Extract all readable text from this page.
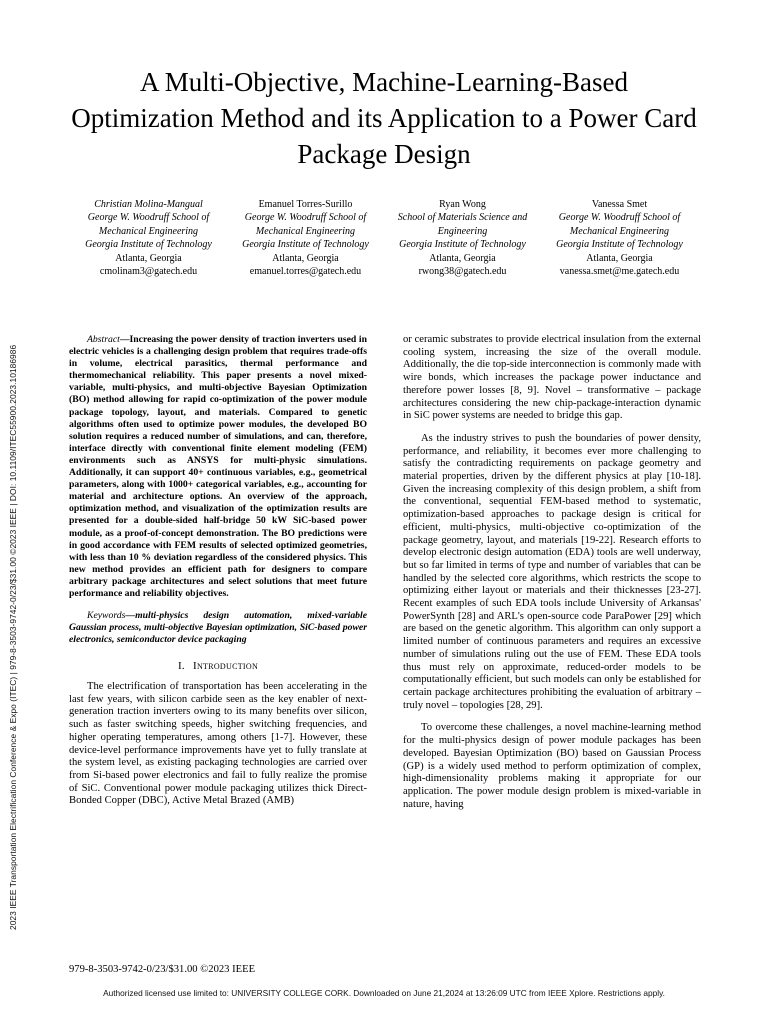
2023 IEEE Transportation Electrification Conference & Expo (ITEC) | 979-8-3503-9742-0/23/$31.00 ©2023 IEEE | DOI: 10.1109/ITEC55900.2023.10186986
A Multi-Objective, Machine-Learning-Based Optimization Method and its Application to a Power Card Package Design
Christian Molina-Mangual
George W. Woodruff School of
Mechanical Engineering
Georgia Institute of Technology
Atlanta, Georgia
cmolinam3@gatech.edu
Emanuel Torres-Surillo
George W. Woodruff School of
Mechanical Engineering
Georgia Institute of Technology
Atlanta, Georgia
emanuel.torres@gatech.edu
Ryan Wong
School of Materials Science and
Engineering
Georgia Institute of Technology
Atlanta, Georgia
rwong38@gatech.edu
Vanessa Smet
George W. Woodruff School of
Mechanical Engineering
Georgia Institute of Technology
Atlanta, Georgia
vanessa.smet@me.gatech.edu
Abstract—Increasing the power density of traction inverters used in electric vehicles is a challenging design problem that requires trade-offs in volume, electrical parasitics, thermal performance and thermomechanical reliability. This paper presents a novel mixed-variable, multi-physics, and multi-objective Bayesian Optimization (BO) method allowing for rapid co-optimization of the power module package topology, layout, and materials. Compared to genetic algorithms often used to optimize power modules, the developed BO solution requires a reduced number of simulations, and can, therefore, interface directly with conventional finite element modeling (FEM) environments such as ANSYS for multi-physic simulations. Additionally, it can support 40+ continuous variables, e.g., geometrical parameters, along with 1000+ categorical variables, e.g., accounting for material and architecture options. An overview of the approach, optimization method, and visualization of the optimization results are presented for a double-sided half-bridge 50 kW SiC-based power module, as a proof-of-concept demonstration. The BO predictions were in good accordance with FEM results of selected optimized geometries, with less than 10 % deviation regardless of the considered physics. This new method provides an efficient path for designers to compare arbitrary package architectures and select solutions that meet future performance and reliability objectives.
Keywords—multi-physics design automation, mixed-variable Gaussian process, multi-objective Bayesian optimization, SiC-based power electronics, semiconductor device packaging
I. Introduction

The electrification of transportation has been accelerating in the last few years, with silicon carbide seen as the key enabler of next-generation traction inverters owing to its many benefits over silicon, such as faster switching speeds, higher switching frequencies, and higher operating temperatures, among others [1-7]. However, these device-level performance improvements have yet to fully translate at the system level, as existing packaging technologies are carried over from Si-based power electronics and fail to fully realize the promise of SiC. Conventional power module packaging utilizes thick Direct-Bonded Copper (DBC), Active Metal Brazed (AMB)

or ceramic substrates to provide electrical insulation from the external cooling system, increasing the size of the overall module. Additionally, the die top-side interconnection is commonly made with wire bonds, which increases the package power inductance and therefore power losses [8, 9]. Novel – transformative – package architectures considering the new chip-package-interaction dynamic in SiC power systems are needed to bridge this gap.

As the industry strives to push the boundaries of power density, performance, and reliability, it becomes ever more challenging to satisfy the contradicting requirements on package geometry and material properties, driven by the different physics at play [10-18]. Given the increasing complexity of this design problem, a shift from the conventional, sequential FEM-based method to systematic, optimization-based approaches to package design is critical for efficient, multi-physics, multi-objective co-optimization of the package geometry, layout, and materials [19-22]. Research efforts to develop electronic design automation (EDA) tools are well underway, but so far limited in terms of type and number of variables that can be handled by the selected core algorithms, which restricts the scope to optimizing either layout or materials and their thicknesses [23-27]. Recent examples of such EDA tools include University of Arkansas' PowerSynth [28] and ARL's open-source code ParaPower [29] which are based on the genetic algorithm. This algorithm can only support a limited number of continuous parameters and requires an excessive number of simulations ruling out the use of FEM. These EDA tools thus must rely on approximate, reduced-order models to be computationally efficient, but such models can only be established for certain package architectures prohibiting the evaluation of arbitrary – truly novel – topologies [28, 29].

To overcome these challenges, a novel machine-learning method for the multi-physics design of power module packages has been developed. Bayesian Optimization (BO) based on Gaussian Process (GP) is a widely used method to perform optimization of complex, high-dimensionality problems making it appropriate for our application. The power module design problem is mixed-variable in nature, having

979-8-3503-9742-0/23/$31.00 ©2023 IEEE
Authorized licensed use limited to: UNIVERSITY COLLEGE CORK. Downloaded on June 21,2024 at 13:26:09 UTC from IEEE Xplore. Restrictions apply.
